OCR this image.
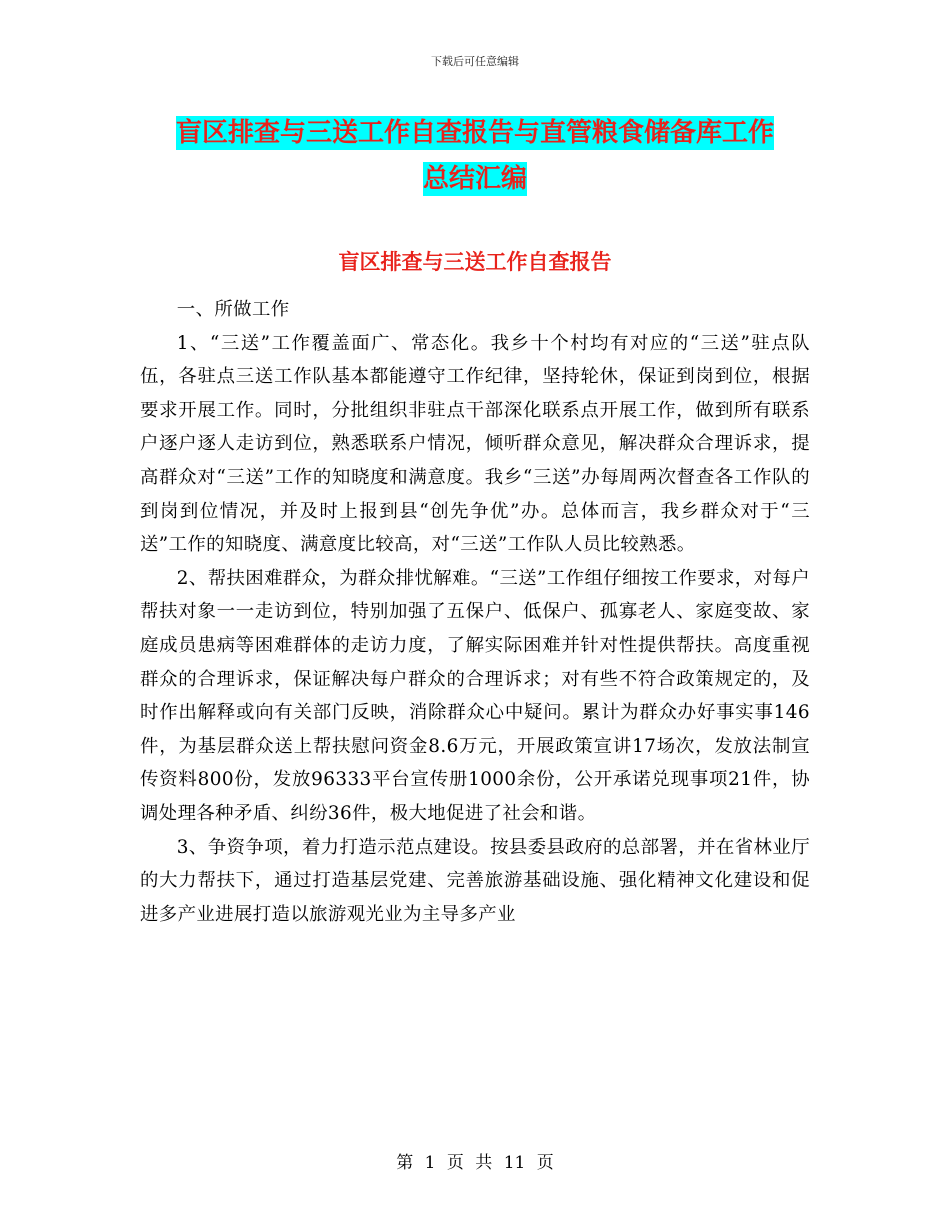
下载后可任意编辑
盲区排查与三送工作自查报告与直管粮食储备库工作
总结汇编
盲区排查与三送工作自查报告

一、所做工作

1、“三送”工作覆盖面广、常态化。我乡十个村均有对应的“三送”驻点队伍，各驻点三送工作队基本都能遵守工作纪律，坚持轮休，保证到岗到位，根据要求开展工作。同时，分批组织非驻点干部深化联系点开展工作，做到所有联系户逐户逐人走访到位，熟悉联系户情况，倾听群众意见，解决群众合理诉求，提高群众对“三送”工作的知晓度和满意度。我乡“三送”办每周两次督查各工作队的到岗到位情况，并及时上报到县“创先争优”办。总体而言，我乡群众对于“三送”工作的知晓度、满意度比较高，对“三送”工作队人员比较熟悉。

2、帮扶困难群众，为群众排忧解难。“三送”工作组仔细按工作要求，对每户帮扶对象一一走访到位，特别加强了五保户、低保户、孤寡老人、家庭变故、家庭成员患病等困难群体的走访力度，了解实际困难并针对性提供帮扶。高度重视群众的合理诉求，保证解决每户群众的合理诉求；对有些不符合政策规定的，及时作出解释或向有关部门反映，消除群众心中疑问。累计为群众办好事实事146件，为基层群众送上帮扶慰问资金8.6万元，开展政策宣讲17场次，发放法制宣传资料800份，发放96333平台宣传册1000余份，公开承诺兑现事项21件，协调处理各种矛盾、纠纷36件，极大地促进了社会和谐。

3、争资争项，着力打造示范点建设。按县委县政府的总部署，并在省林业厅的大力帮扶下，通过打造基层党建、完善旅游基础设施、强化精神文化建设和促进多产业进展打造以旅游观光业为主导多产业

第 1 页 共 11 页
